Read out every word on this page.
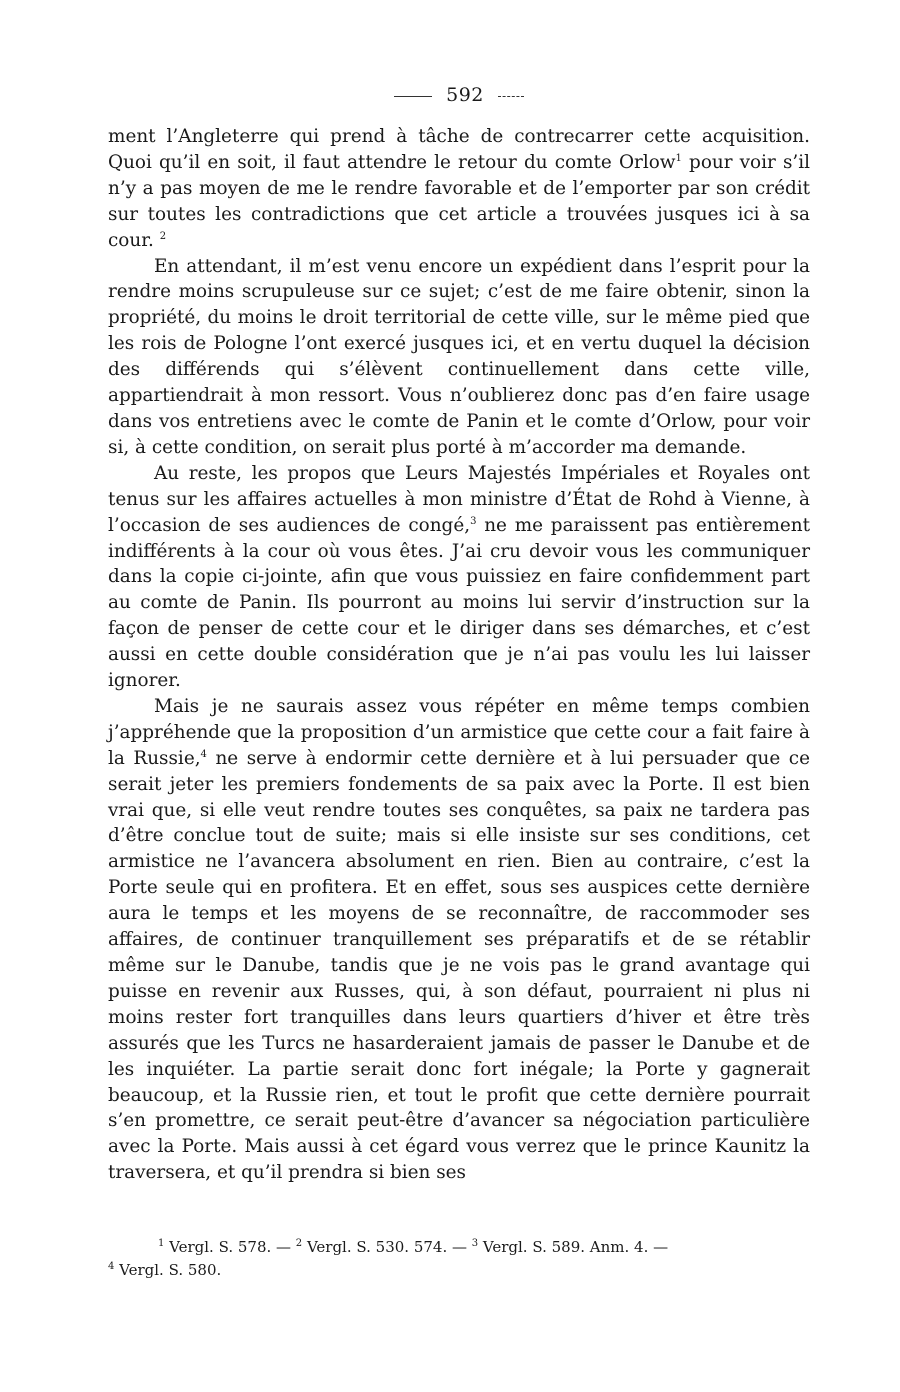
592

ment l’Angleterre qui prend à tâche de contrecarrer cette acquisition. Quoi qu’il en soit, il faut attendre le retour du comte Orlow$^1$ pour voir s’il n’y a pas moyen de me le rendre favorable et de l’emporter par son crédit sur toutes les contradictions que cet article a trouvées jusques ici à sa cour. $^2$

En attendant, il m’est venu encore un expédient dans l’esprit pour la rendre moins scrupuleuse sur ce sujet; c’est de me faire obtenir, sinon la propriété, du moins le droit territorial de cette ville, sur le même pied que les rois de Pologne l’ont exercé jusques ici, et en vertu duquel la décision des différends qui s’élèvent continuellement dans cette ville, appartiendrait à mon ressort. Vous n’oublierez donc pas d’en faire usage dans vos entretiens avec le comte de Panin et le comte d’Orlow, pour voir si, à cette condition, on serait plus porté à m’accorder ma demande.

Au reste, les propos que Leurs Majestés Impériales et Royales ont tenus sur les affaires actuelles à mon ministre d’État de Rohd à Vienne, à l’occasion de ses audiences de congé,$^3$ ne me paraissent pas entièrement indifférents à la cour où vous êtes. J’ai cru devoir vous les communiquer dans la copie ci-jointe, afin que vous puissiez en faire confidemment part au comte de Panin. Ils pourront au moins lui servir d’instruction sur la façon de penser de cette cour et le diriger dans ses démarches, et c’est aussi en cette double considération que je n’ai pas voulu les lui laisser ignorer.

Mais je ne saurais assez vous répéter en même temps combien j’appréhende que la proposition d’un armistice que cette cour a fait faire à la Russie,$^4$ ne serve à endormir cette dernière et à lui persuader que ce serait jeter les premiers fondements de sa paix avec la Porte. Il est bien vrai que, si elle veut rendre toutes ses conquêtes, sa paix ne tardera pas d’être conclue tout de suite; mais si elle insiste sur ses conditions, cet armistice ne l’avancera absolument en rien. Bien au contraire, c’est la Porte seule qui en profitera. Et en effet, sous ses auspices cette dernière aura le temps et les moyens de se reconnaître, de raccommoder ses affaires, de continuer tranquillement ses préparatifs et de se rétablir même sur le Danube, tandis que je ne vois pas le grand avantage qui puisse en revenir aux Russes, qui, à son défaut, pourraient ni plus ni moins rester fort tranquilles dans leurs quartiers d’hiver et être très assurés que les Turcs ne hasarderaient jamais de passer le Danube et de les inquiéter. La partie serait donc fort inégale; la Porte y gagnerait beaucoup, et la Russie rien, et tout le profit que cette dernière pourrait s’en promettre, ce serait peut-être d’avancer sa négociation particulière avec la Porte. Mais aussi à cet égard vous verrez que le prince Kaunitz la traversera, et qu’il prendra si bien ses

$^1$ Vergl. S. 578. — $^2$ Vergl. S. 530. 574. — $^3$ Vergl. S. 589. Anm. 4. —
$^4$ Vergl. S. 580.
